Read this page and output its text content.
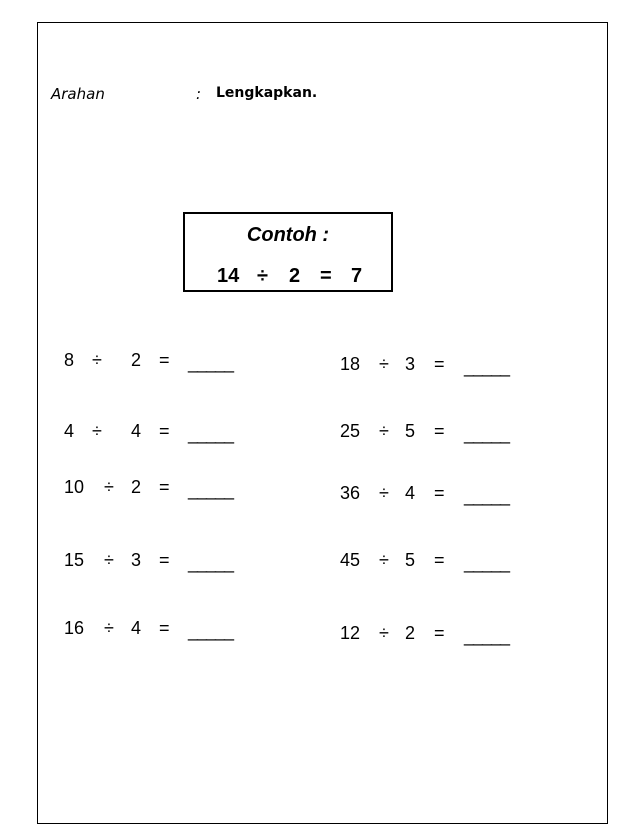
Arahan	: Lengkapkan.
Contoh :
14 ÷ 2 = 7
8 ÷ 2 = _____
4 ÷ 4 = _____
10 ÷ 2 = _____
15 ÷ 3 = _____
16 ÷ 4 = _____
18 ÷ 3 = _____
25 ÷ 5 = _____
36 ÷ 4 = _____
45 ÷ 5 = _____
12 ÷ 2 = _____
